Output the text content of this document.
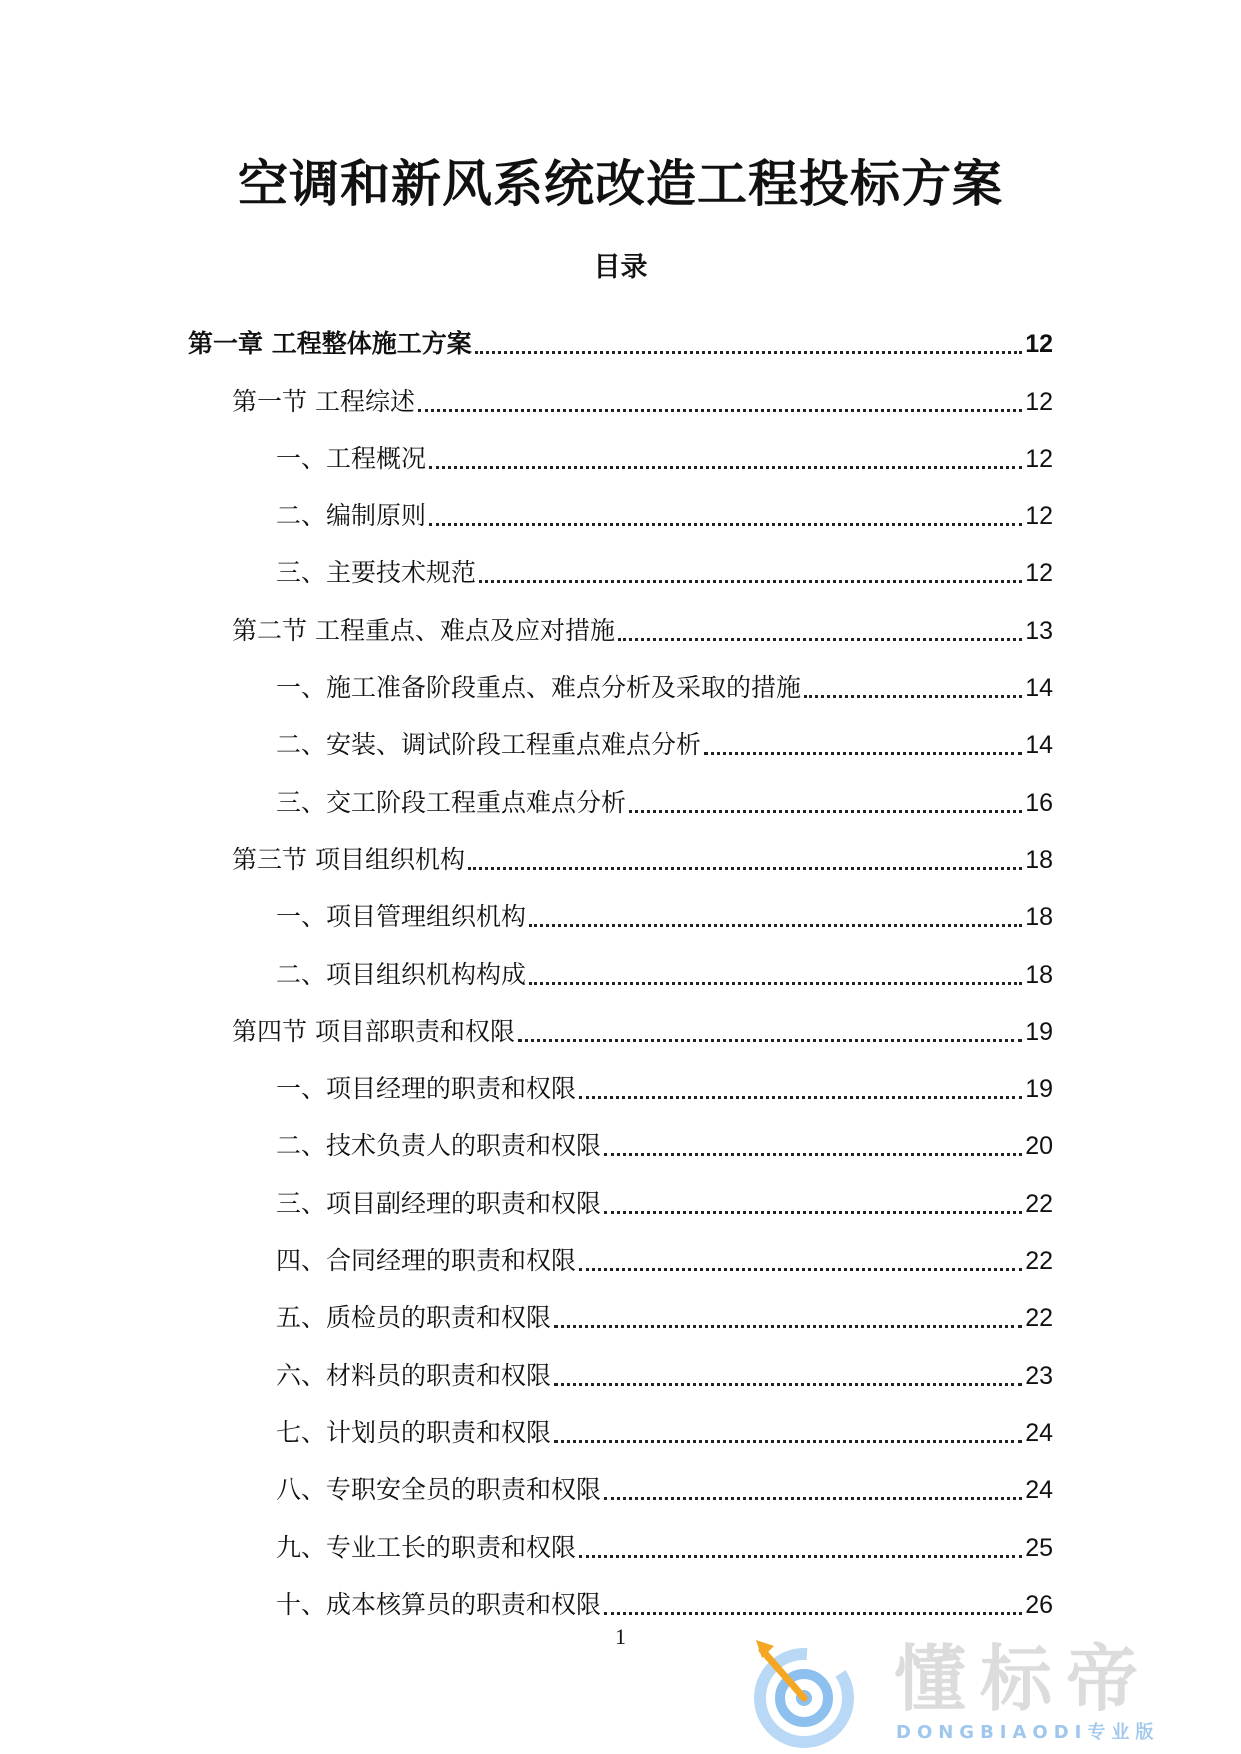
空调和新风系统改造工程投标方案
目录
第一章 工程整体施工方案	12
第一节 工程综述	12
一、工程概况	12
二、编制原则	12
三、主要技术规范	12
第二节 工程重点、难点及应对措施	13
一、施工准备阶段重点、难点分析及采取的措施	14
二、安装、调试阶段工程重点难点分析	14
三、交工阶段工程重点难点分析	16
第三节 项目组织机构	18
一、项目管理组织机构	18
二、项目组织机构构成	18
第四节 项目部职责和权限	19
一、项目经理的职责和权限	19
二、技术负责人的职责和权限	20
三、项目副经理的职责和权限	22
四、合同经理的职责和权限	22
五、质检员的职责和权限	22
六、材料员的职责和权限	23
七、计划员的职责和权限	24
八、专职安全员的职责和权限	24
九、专业工长的职责和权限	25
十、成本核算员的职责和权限	26
1
懂标帝
DONGBIAODI专业版
